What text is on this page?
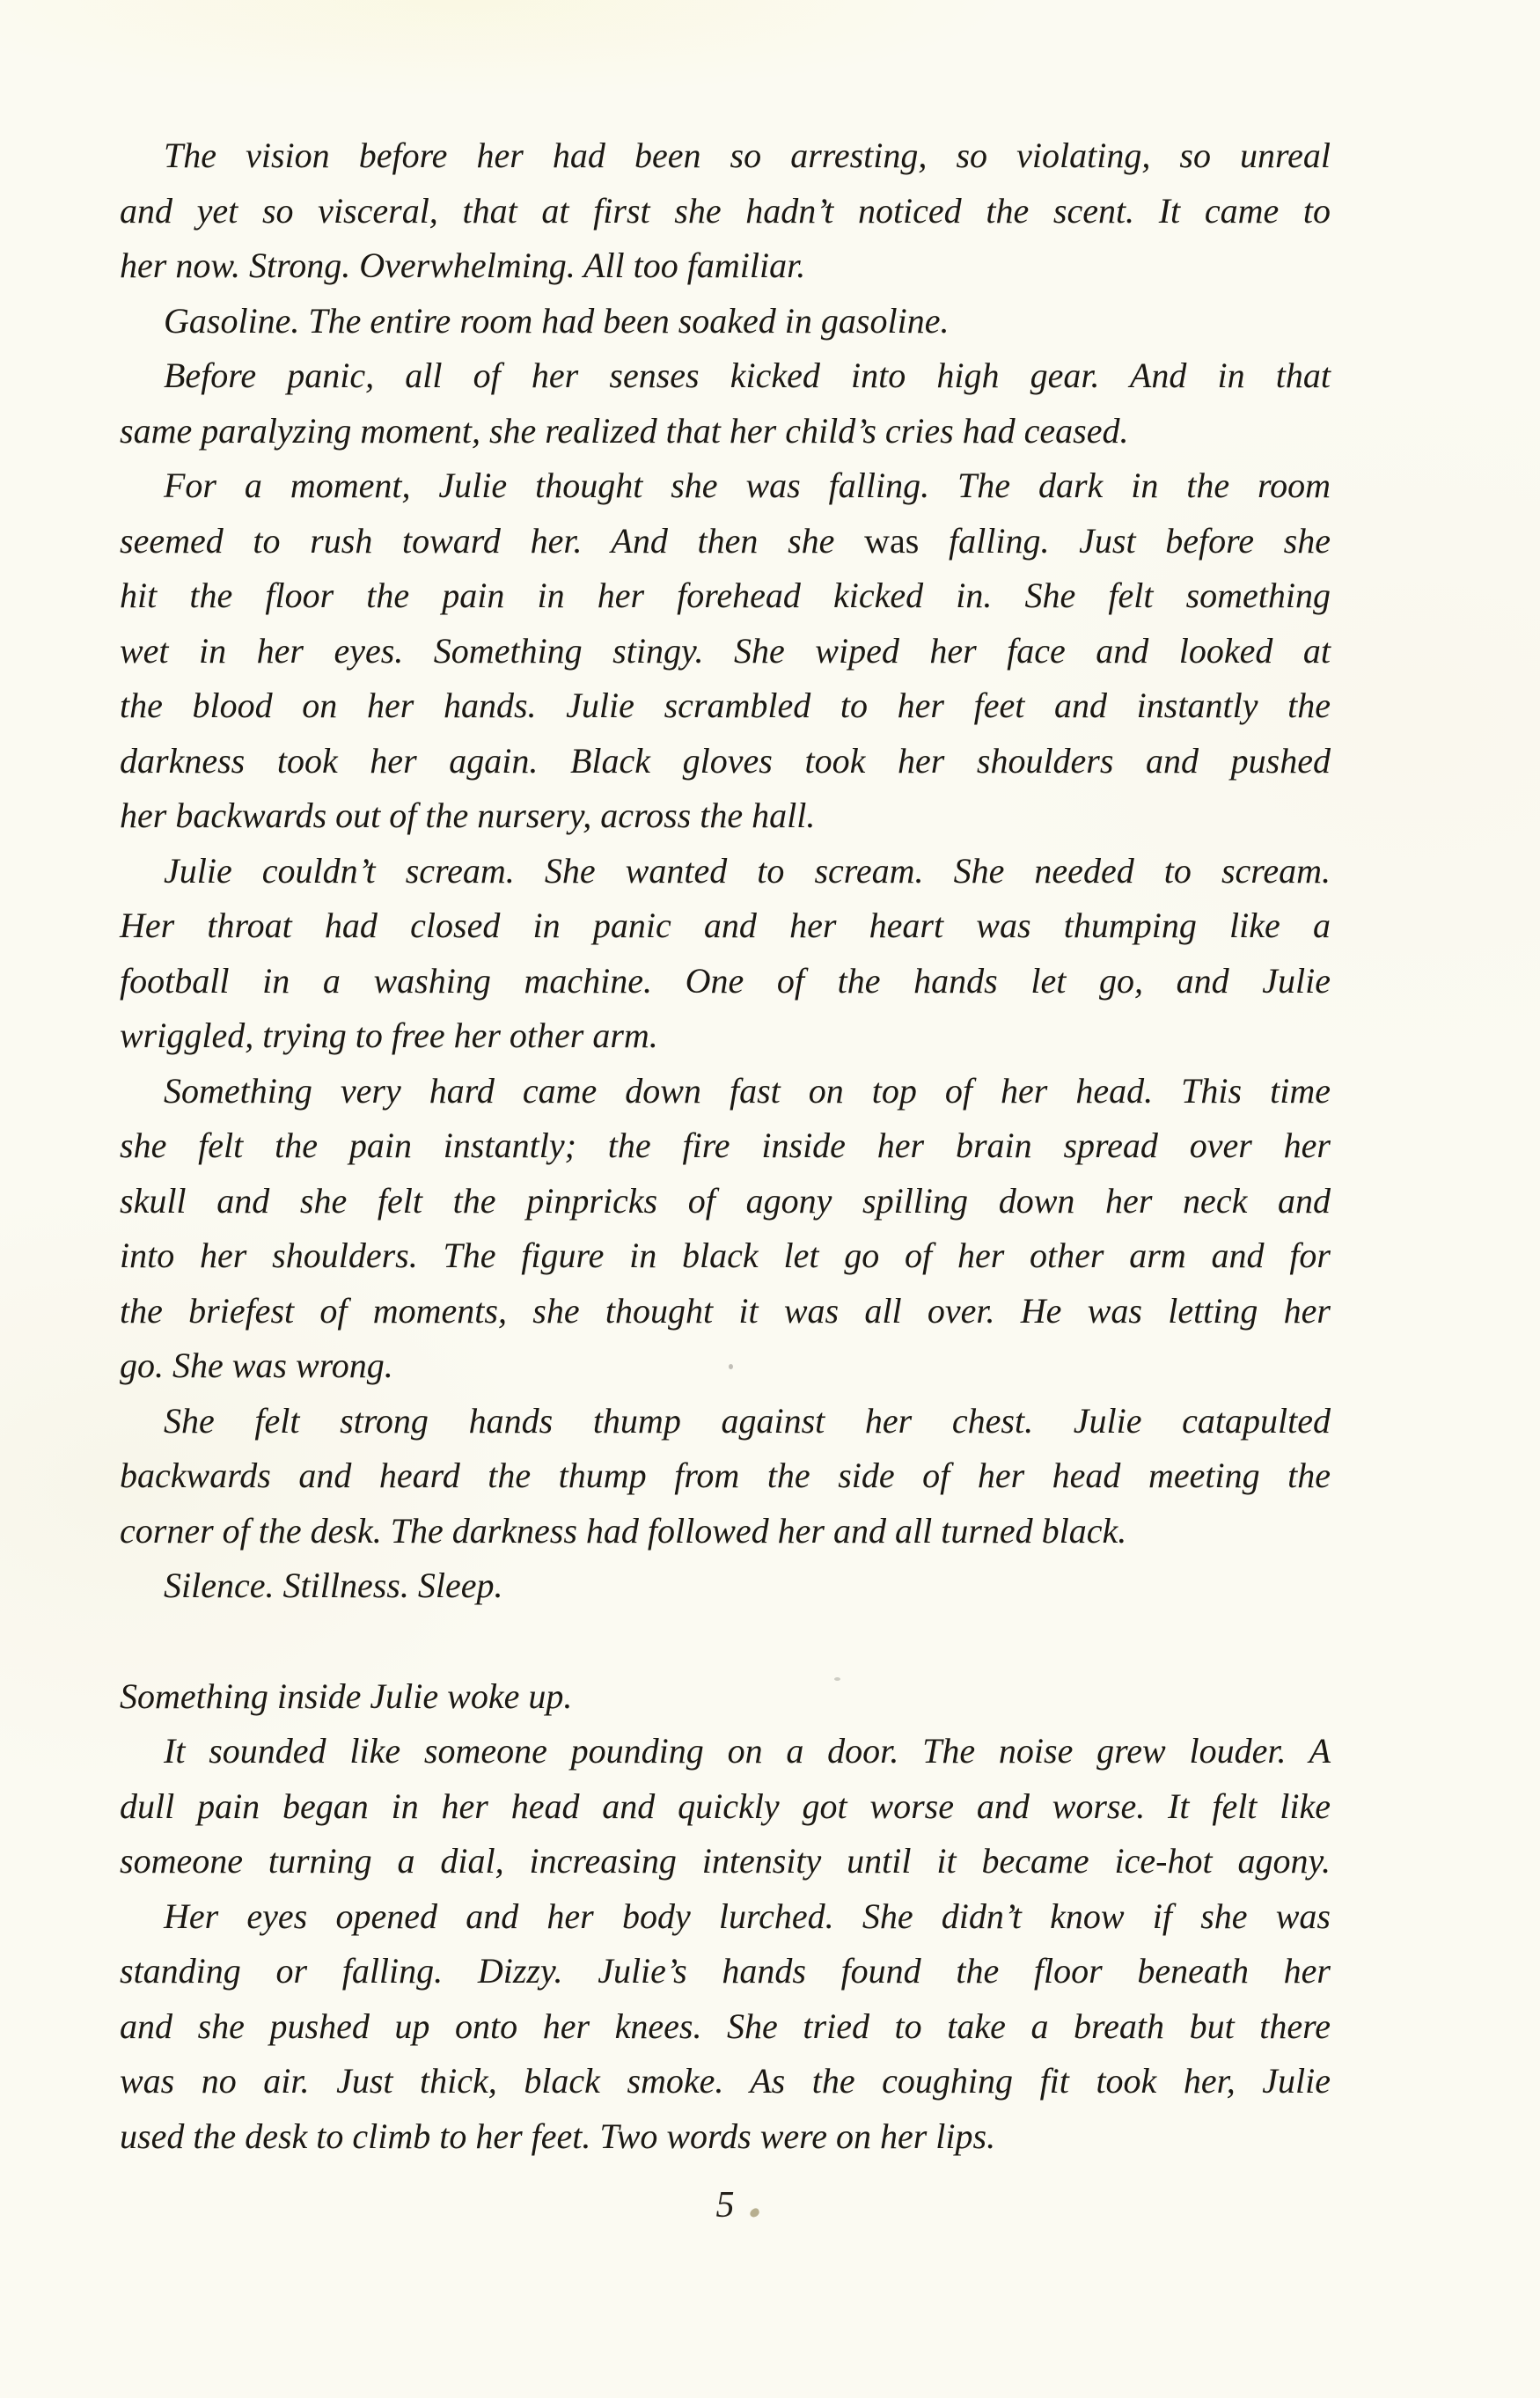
The vision before her had been so arresting, so violating, so unreal
and yet so visceral, that at first she hadn’t noticed the scent. It came to
her now. Strong. Overwhelming. All too familiar.
Gasoline. The entire room had been soaked in gasoline.
Before panic, all of her senses kicked into high gear. And in that
same paralyzing moment, she realized that her child’s cries had ceased.
For a moment, Julie thought she was falling. The dark in the room
seemed to rush toward her. And then she was falling. Just before she
hit the floor the pain in her forehead kicked in. She felt something
wet in her eyes. Something stingy. She wiped her face and looked at
the blood on her hands. Julie scrambled to her feet and instantly the
darkness took her again. Black gloves took her shoulders and pushed
her backwards out of the nursery, across the hall.
Julie couldn’t scream. She wanted to scream. She needed to scream.
Her throat had closed in panic and her heart was thumping like a
football in a washing machine. One of the hands let go, and Julie
wriggled, trying to free her other arm.
Something very hard came down fast on top of her head. This time
she felt the pain instantly; the fire inside her brain spread over her
skull and she felt the pinpricks of agony spilling down her neck and
into her shoulders. The figure in black let go of her other arm and for
the briefest of moments, she thought it was all over. He was letting her
go. She was wrong.
She felt strong hands thump against her chest. Julie catapulted
backwards and heard the thump from the side of her head meeting the
corner of the desk. The darkness had followed her and all turned black.
Silence. Stillness. Sleep.
Something inside Julie woke up.
It sounded like someone pounding on a door. The noise grew louder. A
dull pain began in her head and quickly got worse and worse. It felt like
someone turning a dial, increasing intensity until it became ice-hot agony.
Her eyes opened and her body lurched. She didn’t know if she was
standing or falling. Dizzy. Julie’s hands found the floor beneath her
and she pushed up onto her knees. She tried to take a breath but there
was no air. Just thick, black smoke. As the coughing fit took her, Julie
used the desk to climb to her feet. Two words were on her lips.
5
